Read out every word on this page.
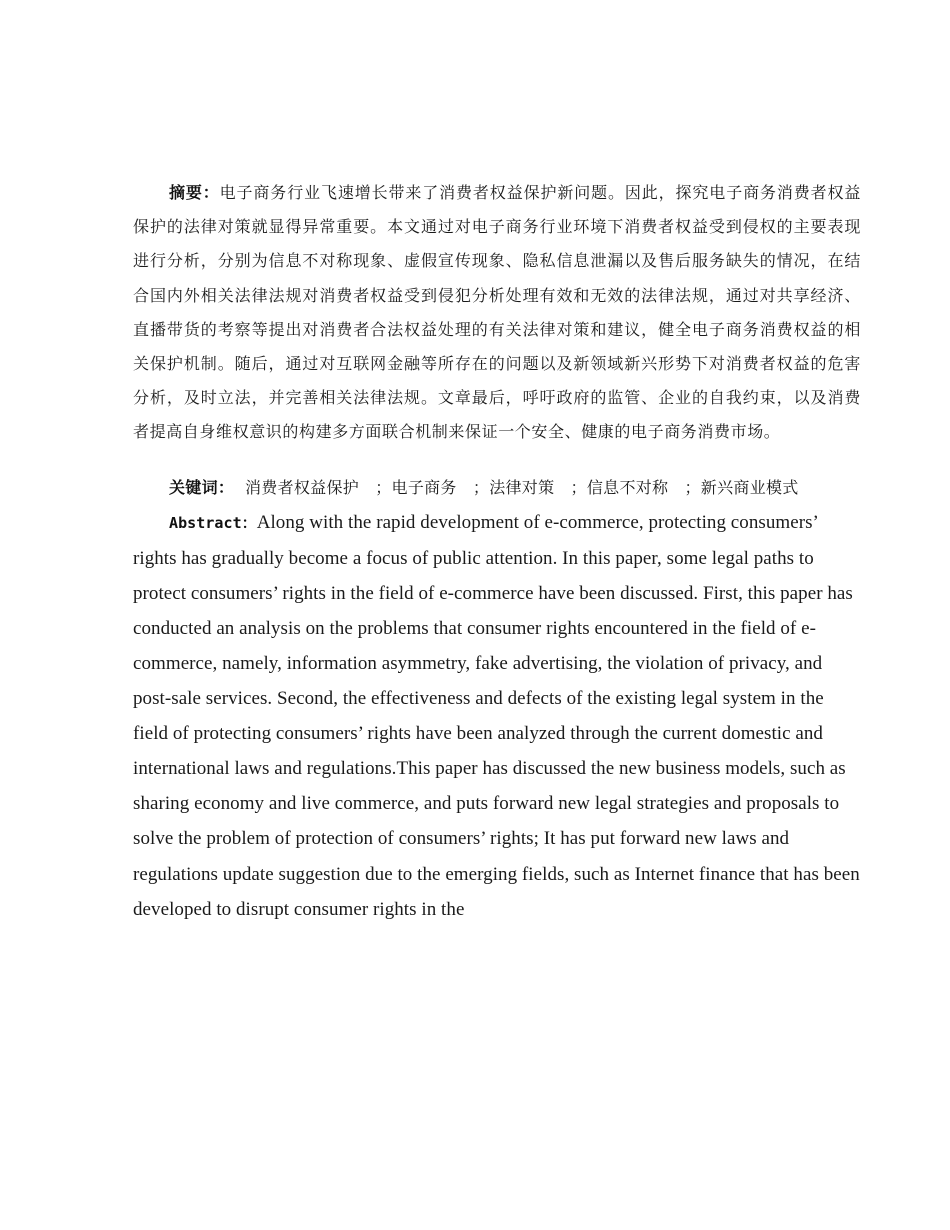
摘要：电子商务行业飞速增长带来了消费者权益保护新问题。因此，探究电子商务消费者权益保护的法律对策就显得异常重要。本文通过对电子商务行业环境下消费者权益受到侵权的主要表现进行分析，分别为信息不对称现象、虚假宣传现象、隐私信息泄漏以及售后服务缺失的情况，在结合国内外相关法律法规对消费者权益受到侵犯分析处理有效和无效的法律法规，通过对共享经济、直播带货的考察等提出对消费者合法权益处理的有关法律对策和建议，健全电子商务消费权益的相关保护机制。随后，通过对互联网金融等所存在的问题以及新领域新兴形势下对消费者权益的危害分析，及时立法，并完善相关法律法规。文章最后，呼吁政府的监管、企业的自我约束，以及消费者提高自身维权意识的构建多方面联合机制来保证一个安全、健康的电子商务消费市场。

关键词：  消费者权益保护   ；电子商务   ；法律对策   ；信息不对称   ；新兴商业模式

Abstract：Along with the rapid development of e-commerce, protecting consumers’ rights has gradually become a focus of public attention. In this paper, some legal paths to protect consumers’ rights in the field of e-commerce have been discussed. First, this paper has conducted an analysis on the problems that consumer rights encountered in the field of e-commerce, namely, information asymmetry, fake advertising, the violation of privacy, and post-sale services. Second, the effectiveness and defects of the existing legal system in the field of protecting consumers’ rights have been analyzed through the current domestic and international laws and regulations.This paper has discussed the new business models, such as sharing economy and live commerce, and puts forward new legal strategies and proposals to solve the problem of protection of consumers’ rights; It has put forward new laws and regulations update suggestion due to the emerging fields, such as Internet finance that has been developed to disrupt consumer rights in the
